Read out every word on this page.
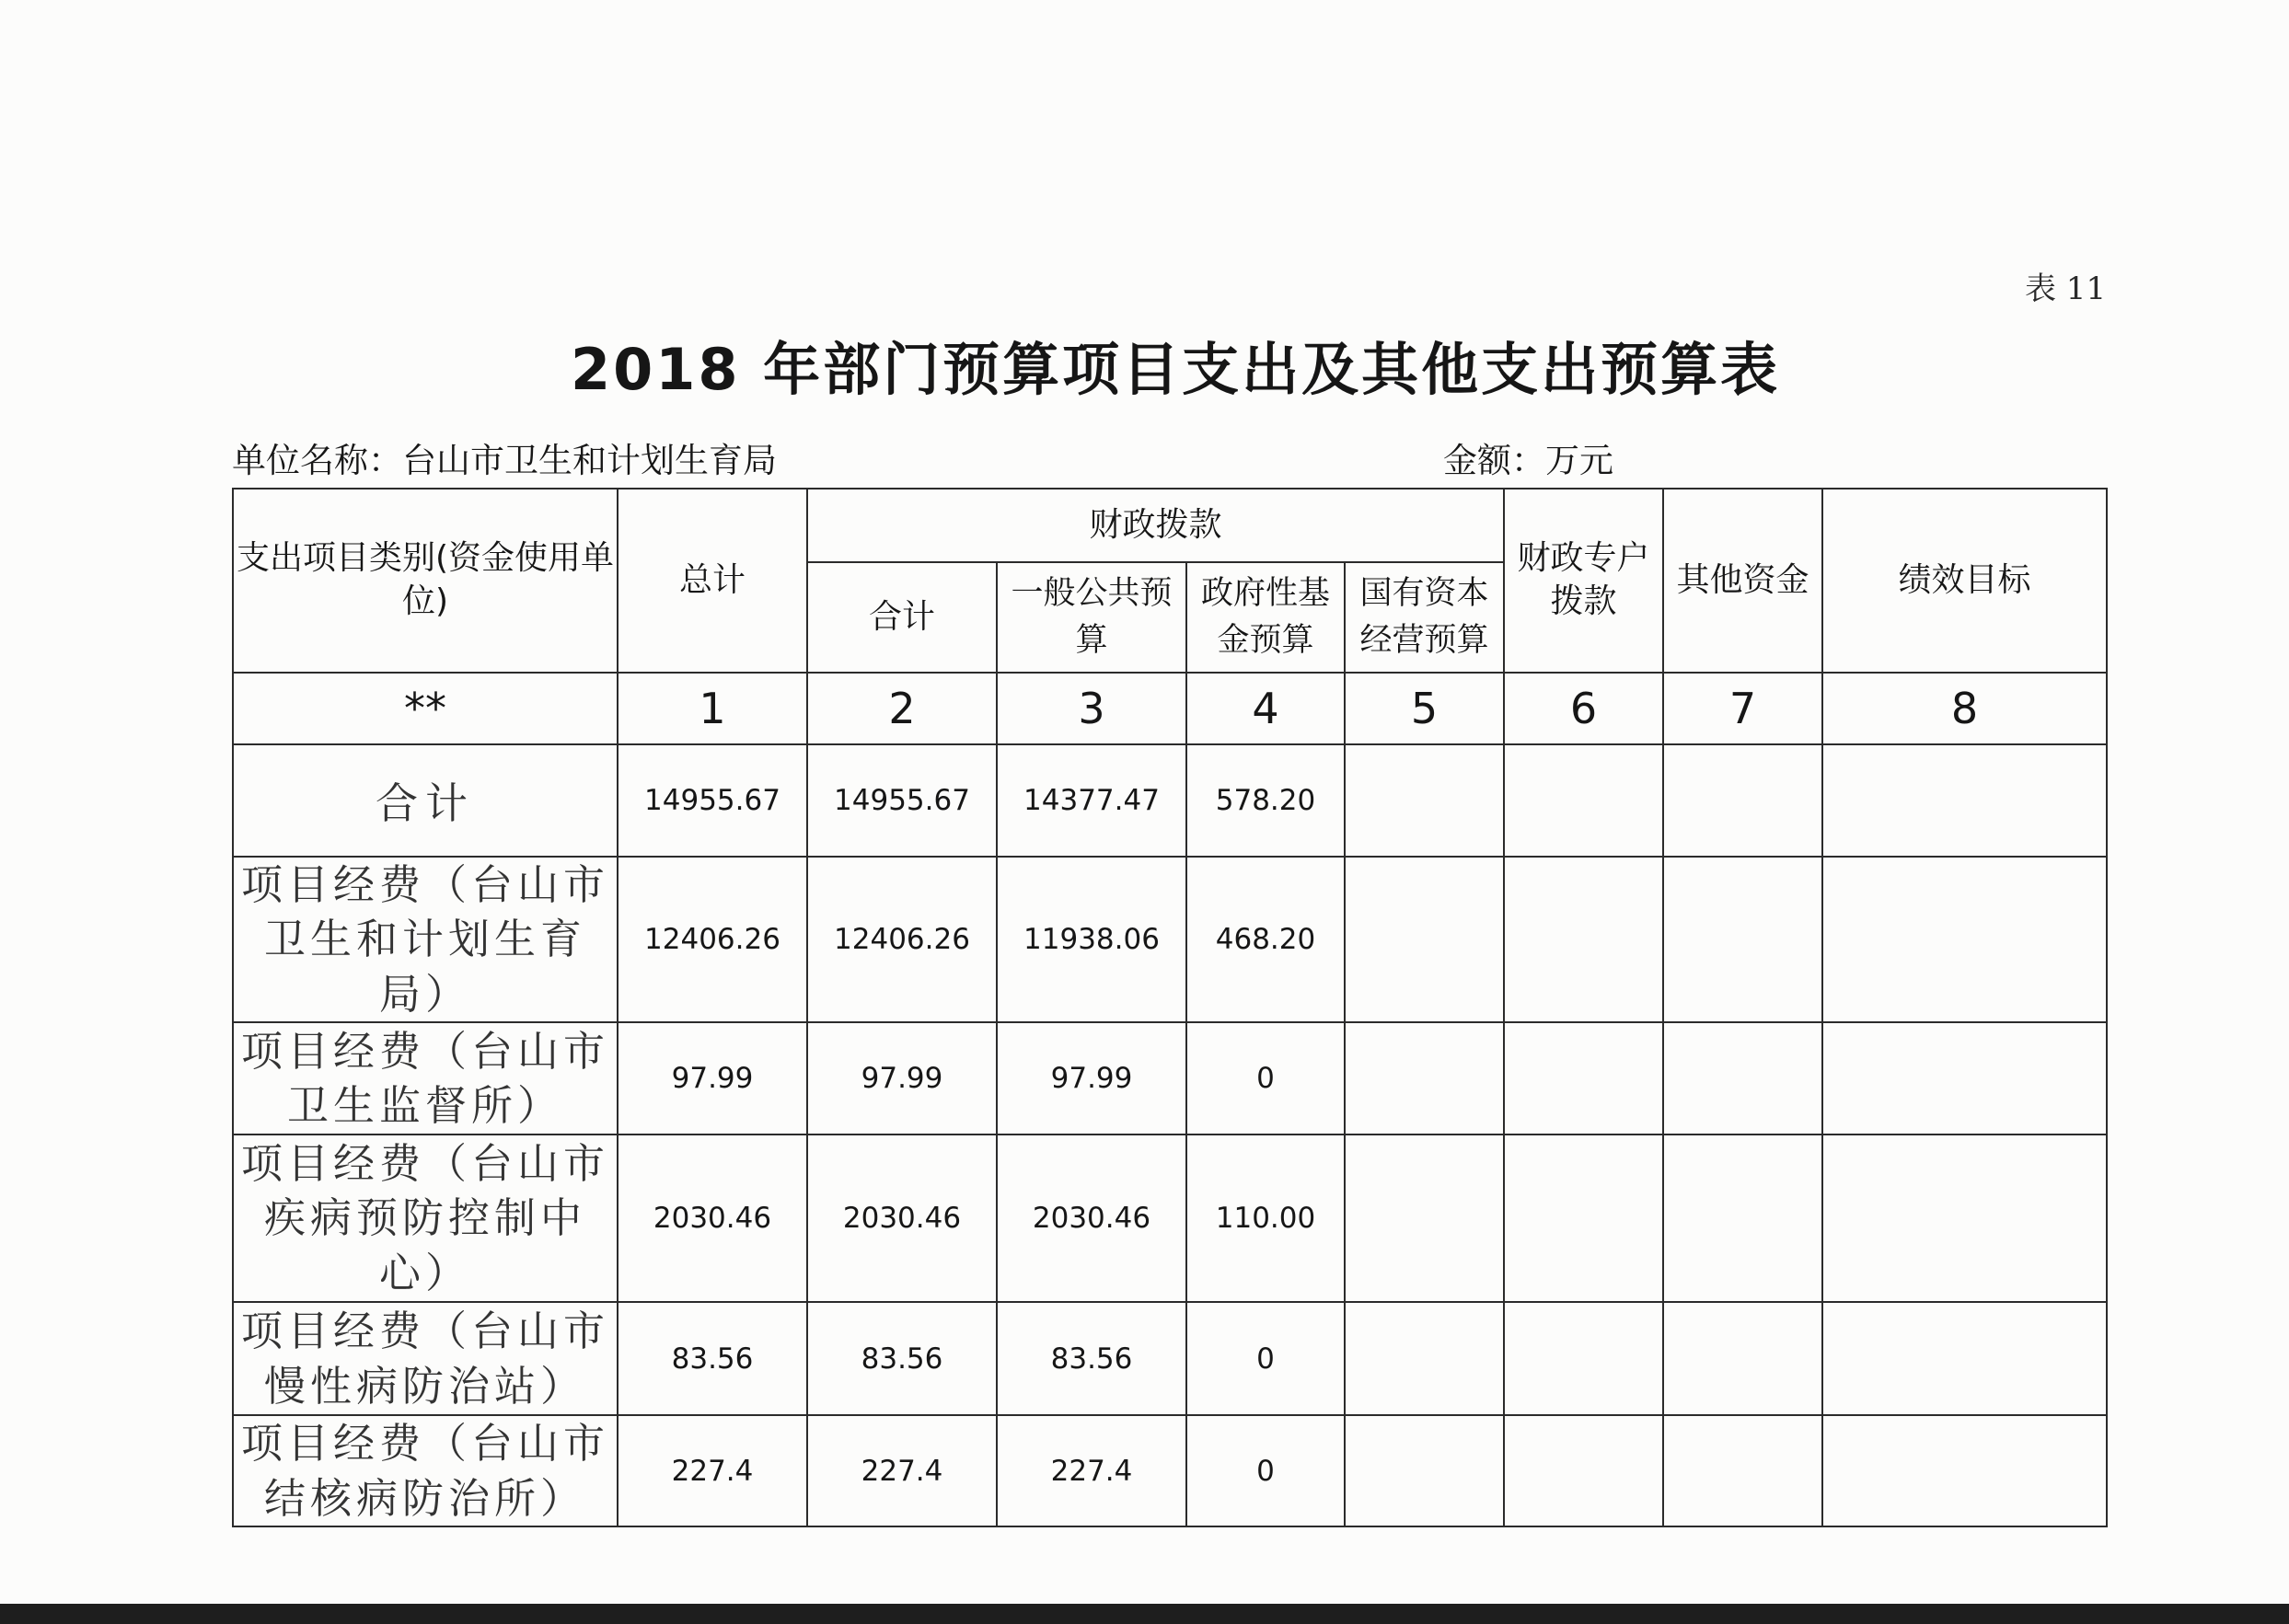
表 11
2018 年部门预算项目支出及其他支出预算表
单位名称：台山市卫生和计划生育局	金额：万元
支出项目类别(资金使用单位)	总计	财政拨款				财政专户拨款	其他资金	绩效目标
		合计	一般公共预算	政府性基金预算	国有资本经营预算			
**	1	2	3	4	5	6	7	8
合计	14955.67	14955.67	14377.47	578.20				
项目经费（台山市卫生和计划生育局）	12406.26	12406.26	11938.06	468.20				
项目经费（台山市卫生监督所）	97.99	97.99	97.99	0				
项目经费（台山市疾病预防控制中心）	2030.46	2030.46	2030.46	110.00				
项目经费（台山市慢性病防治站）	83.56	83.56	83.56	0				
项目经费（台山市结核病防治所）	227.4	227.4	227.4	0				
